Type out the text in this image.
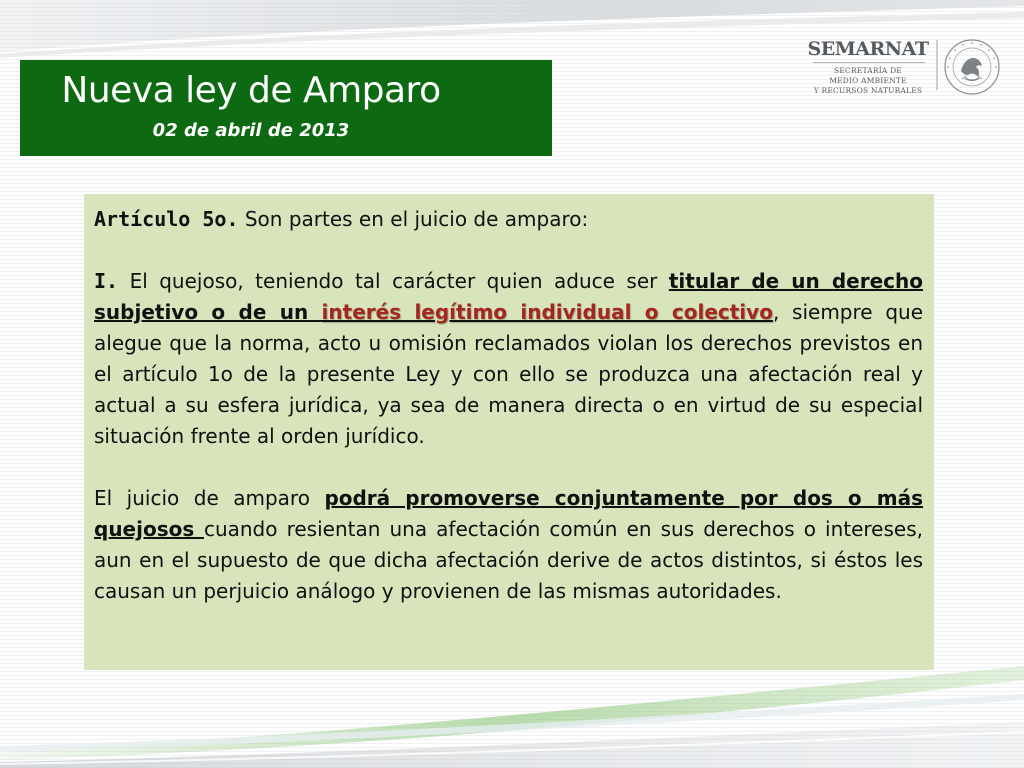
Nueva ley de Amparo
02 de abril de 2013
SEMARNAT
SECRETARÍA DE
MEDIO AMBIENTE
Y RECURSOS NATURALES

Artículo 5o. Son partes en el juicio de amparo:

I. El quejoso, teniendo tal carácter quien aduce ser titular de un derecho subjetivo o de un interés legítimo individual o colectivo, siempre que alegue que la norma, acto u omisión reclamados violan los derechos previstos en el artículo 1o de la presente Ley y con ello se produzca una afectación real y actual a su esfera jurídica, ya sea de manera directa o en virtud de su especial situación frente al orden jurídico.

El juicio de amparo podrá promoverse conjuntamente por dos o más quejosos cuando resientan una afectación común en sus derechos o intereses, aun en el supuesto de que dicha afectación derive de actos distintos, si éstos les causan un perjuicio análogo y provienen de las mismas autoridades.
